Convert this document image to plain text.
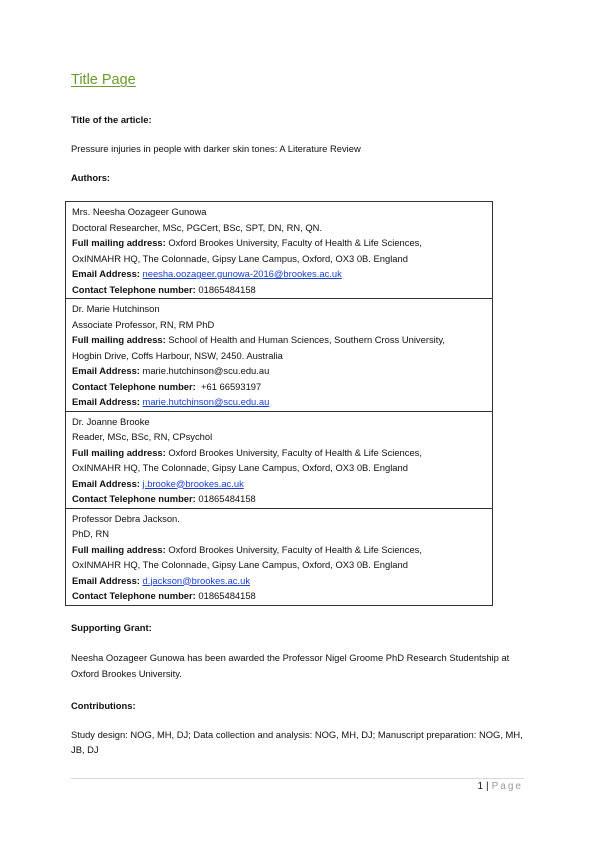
Title Page
Title of the article:
Pressure injuries in people with darker skin tones: A Literature Review
Authors:
Mrs. Neesha Oozageer Gunowa
Doctoral Researcher, MSc, PGCert, BSc, SPT, DN, RN, QN.
Full mailing address: Oxford Brookes University, Faculty of Health & Life Sciences,
OxINMAHR HQ, The Colonnade, Gipsy Lane Campus, Oxford, OX3 0B. England
Email Address: neesha.oozageer.gunowa-2016@brookes.ac.uk
Contact Telephone number: 01865484158

Dr. Marie Hutchinson
Associate Professor, RN, RM PhD
Full mailing address: School of Health and Human Sciences, Southern Cross University,
Hogbin Drive, Coffs Harbour, NSW, 2450. Australia
Email Address: marie.hutchinson@scu.edu.au
Contact Telephone number:  +61 66593197
Email Address: marie.hutchinson@scu.edu.au

Dr. Joanne Brooke
Reader, MSc, BSc, RN, CPsychol
Full mailing address: Oxford Brookes University, Faculty of Health & Life Sciences,
OxINMAHR HQ, The Colonnade, Gipsy Lane Campus, Oxford, OX3 0B. England
Email Address: j.brooke@brookes.ac.uk
Contact Telephone number: 01865484158

Professor Debra Jackson.
PhD, RN
Full mailing address: Oxford Brookes University, Faculty of Health & Life Sciences,
OxINMAHR HQ, The Colonnade, Gipsy Lane Campus, Oxford, OX3 0B. England
Email Address: d.jackson@brookes.ac.uk
Contact Telephone number: 01865484158
Supporting Grant:
Neesha Oozageer Gunowa has been awarded the Professor Nigel Groome PhD Research Studentship at Oxford Brookes University.
Contributions:
Study design: NOG, MH, DJ; Data collection and analysis: NOG, MH, DJ; Manuscript preparation: NOG, MH, JB, DJ
1 | Page
